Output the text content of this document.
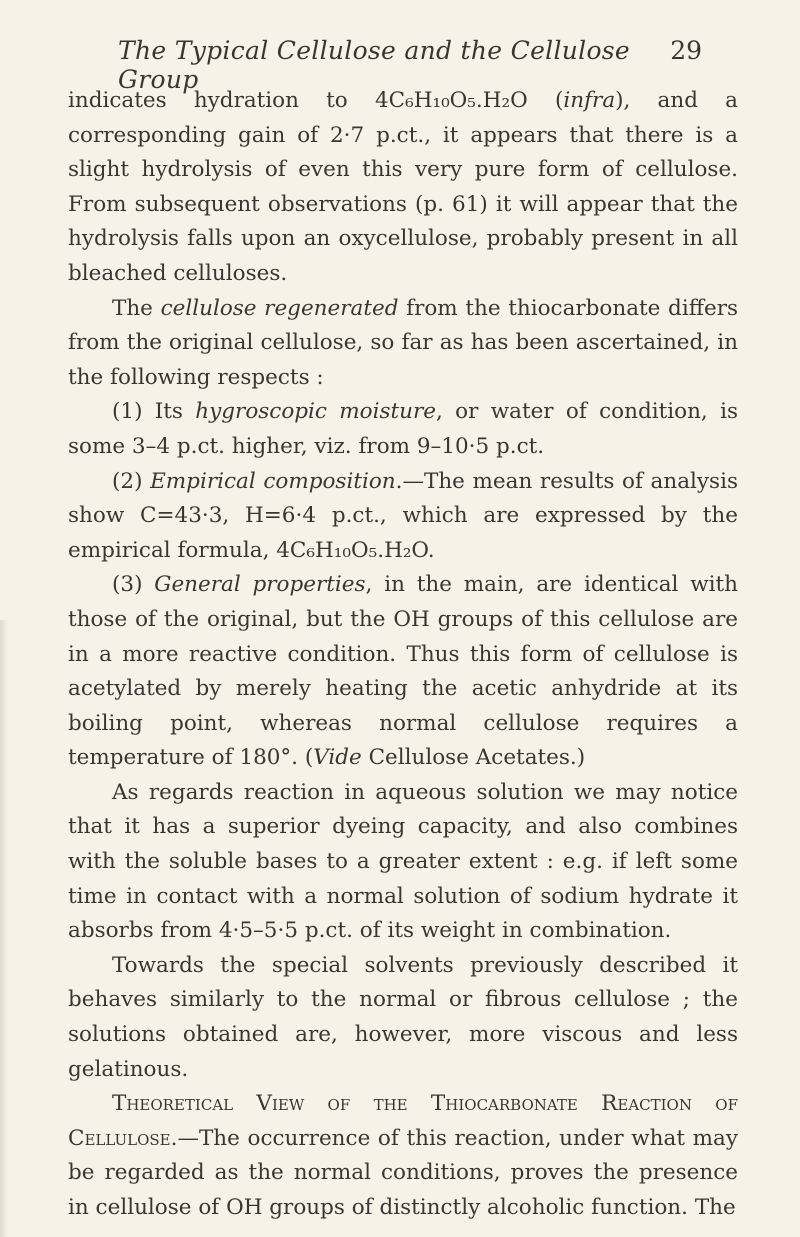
The Typical Cellulose and the Cellulose Group
29

indicates hydration to 4C₆H₁₀O₅.H₂O (infra), and a corresponding gain of 2·7 p.ct., it appears that there is a slight hydrolysis of even this very pure form of cellulose. From subsequent observations (p. 61) it will appear that the hydrolysis falls upon an oxycellulose, probably present in all bleached celluloses.

The cellulose regenerated from the thiocarbonate differs from the original cellulose, so far as has been ascertained, in the following respects :

(1) Its hygroscopic moisture, or water of condition, is some 3–4 p.ct. higher, viz. from 9–10·5 p.ct.

(2) Empirical composition.—The mean results of analysis show C=43·3, H=6·4 p.ct., which are expressed by the empirical formula, 4C₆H₁₀O₅.H₂O.

(3) General properties, in the main, are identical with those of the original, but the OH groups of this cellulose are in a more reactive condition. Thus this form of cellulose is acetylated by merely heating the acetic anhydride at its boiling point, whereas normal cellulose requires a temperature of 180°. (Vide Cellulose Acetates.)

As regards reaction in aqueous solution we may notice that it has a superior dyeing capacity, and also combines with the soluble bases to a greater extent : e.g. if left some time in contact with a normal solution of sodium hydrate it absorbs from 4·5–5·5 p.ct. of its weight in combination.

Towards the special solvents previously described it behaves similarly to the normal or fibrous cellulose ; the solutions obtained are, however, more viscous and less gelatinous.

Theoretical View of the Thiocarbonate Reaction of Cellulose.—The occurrence of this reaction, under what may be regarded as the normal conditions, proves the presence in cellulose of OH groups of distinctly alcoholic function. The
